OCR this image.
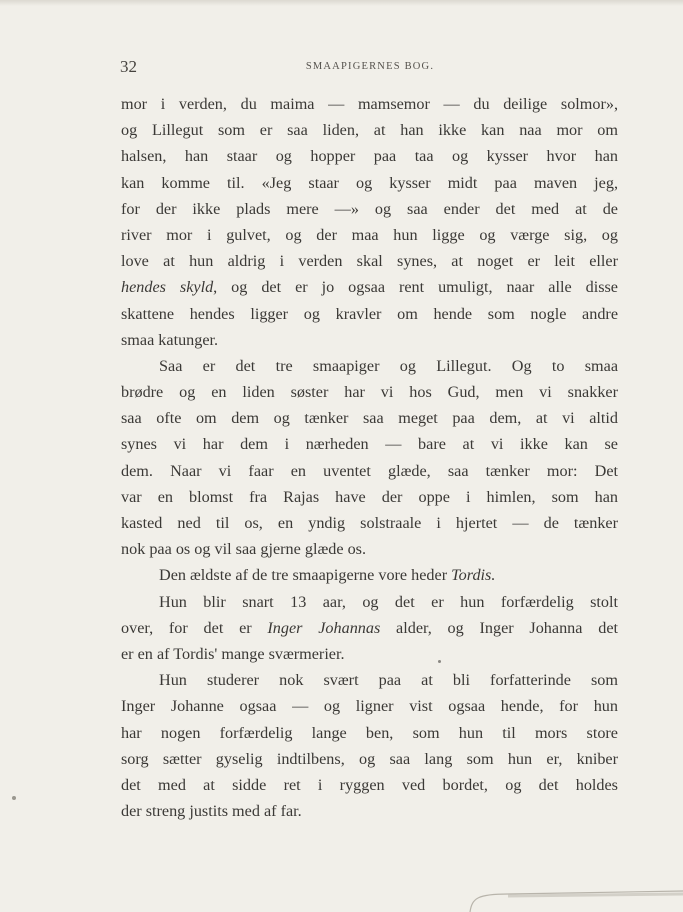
32	SMAAPIGERNES BOG.
mor i verden, du maima — mamsemor — du deilige solmor»,
og Lillegut som er saa liden, at han ikke kan naa mor om
halsen, han staar og hopper paa taa og kysser hvor han
kan komme til. «Jeg staar og kysser midt paa maven jeg,
for der ikke plads mere —» og saa ender det med at de
river mor i gulvet, og der maa hun ligge og værge sig, og
love at hun aldrig i verden skal synes, at noget er leit eller
hendes skyld, og det er jo ogsaa rent umuligt, naar alle disse
skattene hendes ligger og kravler om hende som nogle andre
smaa katunger.
Saa er det tre smaapiger og Lillegut. Og to smaa
brødre og en liden søster har vi hos Gud, men vi snakker
saa ofte om dem og tænker saa meget paa dem, at vi altid
synes vi har dem i nærheden — bare at vi ikke kan se
dem. Naar vi faar en uventet glæde, saa tænker mor: Det
var en blomst fra Rajas have der oppe i himlen, som han
kasted ned til os, en yndig solstraale i hjertet — de tænker
nok paa os og vil saa gjerne glæde os.
Den ældste af de tre smaapigerne vore heder Tordis.
Hun blir snart 13 aar, og det er hun forfærdelig stolt
over, for det er Inger Johannas alder, og Inger Johanna det
er en af Tordis' mange sværmerier.
Hun studerer nok svært paa at bli forfatterinde som
Inger Johanne ogsaa — og ligner vist ogsaa hende, for hun
har nogen forfærdelig lange ben, som hun til mors store
sorg sætter gyselig indtilbens, og saa lang som hun er, kniber
det med at sidde ret i ryggen ved bordet, og det holdes
der streng justits med af far.
